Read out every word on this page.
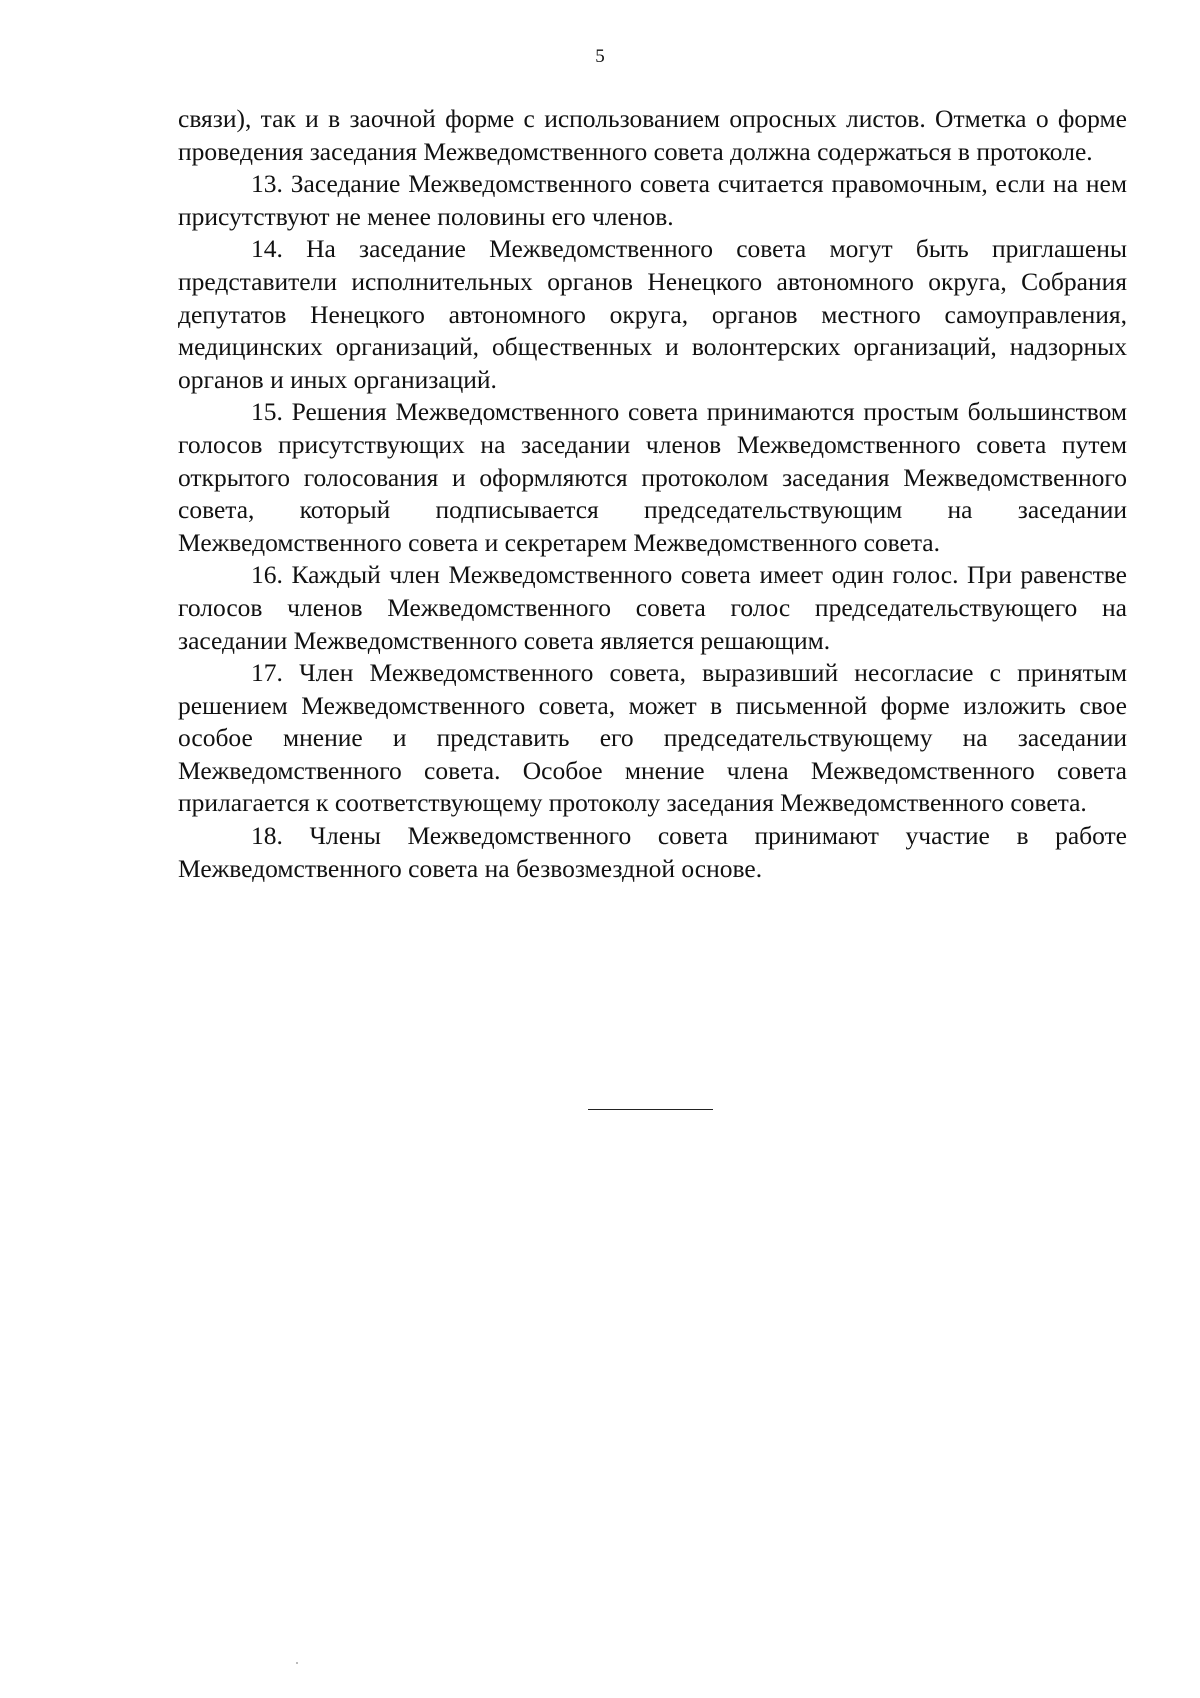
5

связи), так и в заочной форме с использованием опросных листов. Отметка о форме проведения заседания Межведомственного совета должна содержаться в протоколе.

13. Заседание Межведомственного совета считается правомочным, если на нем присутствуют не менее половины его членов.

14. На заседание Межведомственного совета могут быть приглашены представители исполнительных органов Ненецкого автономного округа, Собрания депутатов Ненецкого автономного округа, органов местного самоуправления, медицинских организаций, общественных и волонтерских организаций, надзорных органов и иных организаций.

15. Решения Межведомственного совета принимаются простым большинством голосов присутствующих на заседании членов Межведомственного совета путем открытого голосования и оформляются протоколом заседания Межведомственного совета, который подписывается председательствующим на заседании Межведомственного совета и секретарем Межведомственного совета.

16. Каждый член Межведомственного совета имеет один голос. При равенстве голосов членов Межведомственного совета голос председательствующего на заседании Межведомственного совета является решающим.

17. Член Межведомственного совета, выразивший несогласие с принятым решением Межведомственного совета, может в письменной форме изложить свое особое мнение и представить его председательствующему на заседании Межведомственного совета. Особое мнение члена Межведомственного совета прилагается к соответствующему протоколу заседания Межведомственного совета.

18. Члены Межведомственного совета принимают участие в работе Межведомственного совета на безвозмездной основе.
